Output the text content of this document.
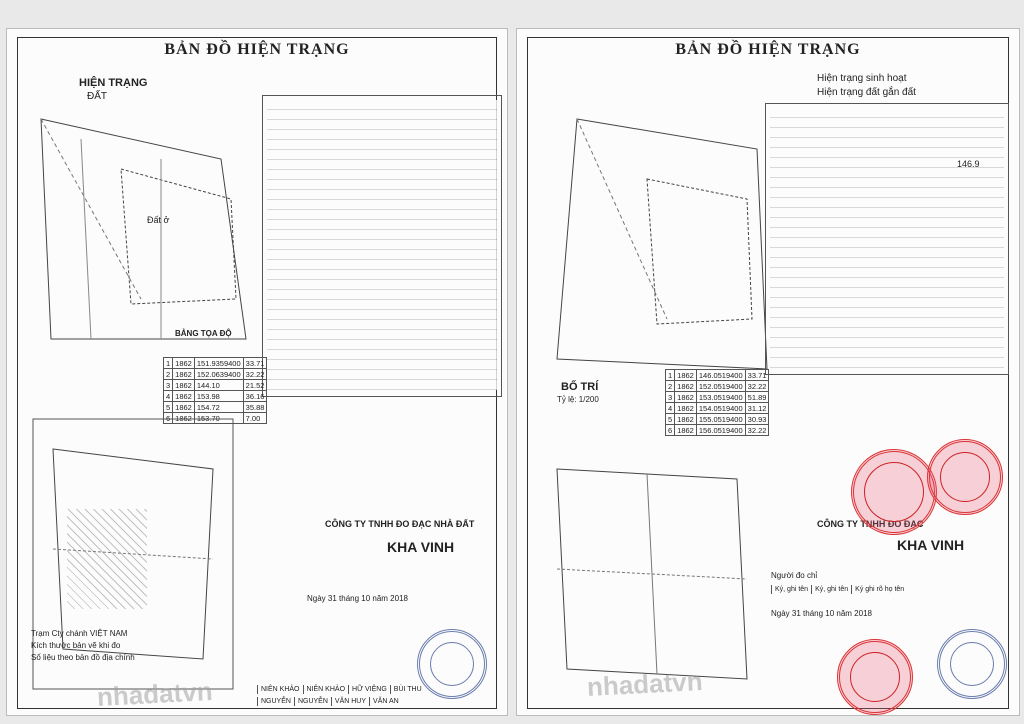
BẢN ĐỒ HIỆN TRẠNG
HIỆN TRẠNG
ĐẤT
Đất ở
BẢNG TỌA ĐỘ
1	1862	151.9359400	33.71
2	1862	152.0639400	32.22
3	1862	144.10	21.52
4	1862	153.98	36.16
5	1862	154.72	35.88
6	1862	153.70	7.00
Trạm Cty chánh VIỆT NAM
Kích thước bản vẽ khi đo
Số liệu theo bản đồ địa chính
CÔNG TY TNHH ĐO ĐẠC NHÀ ĐẤT
KHA VINH
Ngày 31 tháng 10 năm 2018
NIÊN KHẢO	NIÊN KHẢO	HỮ VIỆNG	BÙI THU
NGUYỄN	NGUYỄN	VĂN HUY	VĂN AN
nhadatvn
BẢN ĐỒ HIỆN TRẠNG
Hiện trạng sinh hoạt
Hiện trạng đất gắn đất
146.9
BỐ TRÍ
Tỷ lệ: 1/200
1	1862	146.0519400	33.71
2	1862	152.0519400	32.22
3	1862	153.0519400	51.89
4	1862	154.0519400	31.12
5	1862	155.0519400	30.93
6	1862	156.0519400	32.22
CÔNG TY TNHH ĐO ĐẠC
KHA VINH
Người đo chỉ
Ký, ghi tên	Ký, ghi tên	Ký ghi rõ họ tên
Ngày 31 tháng 10 năm 2018
nhadatvn
